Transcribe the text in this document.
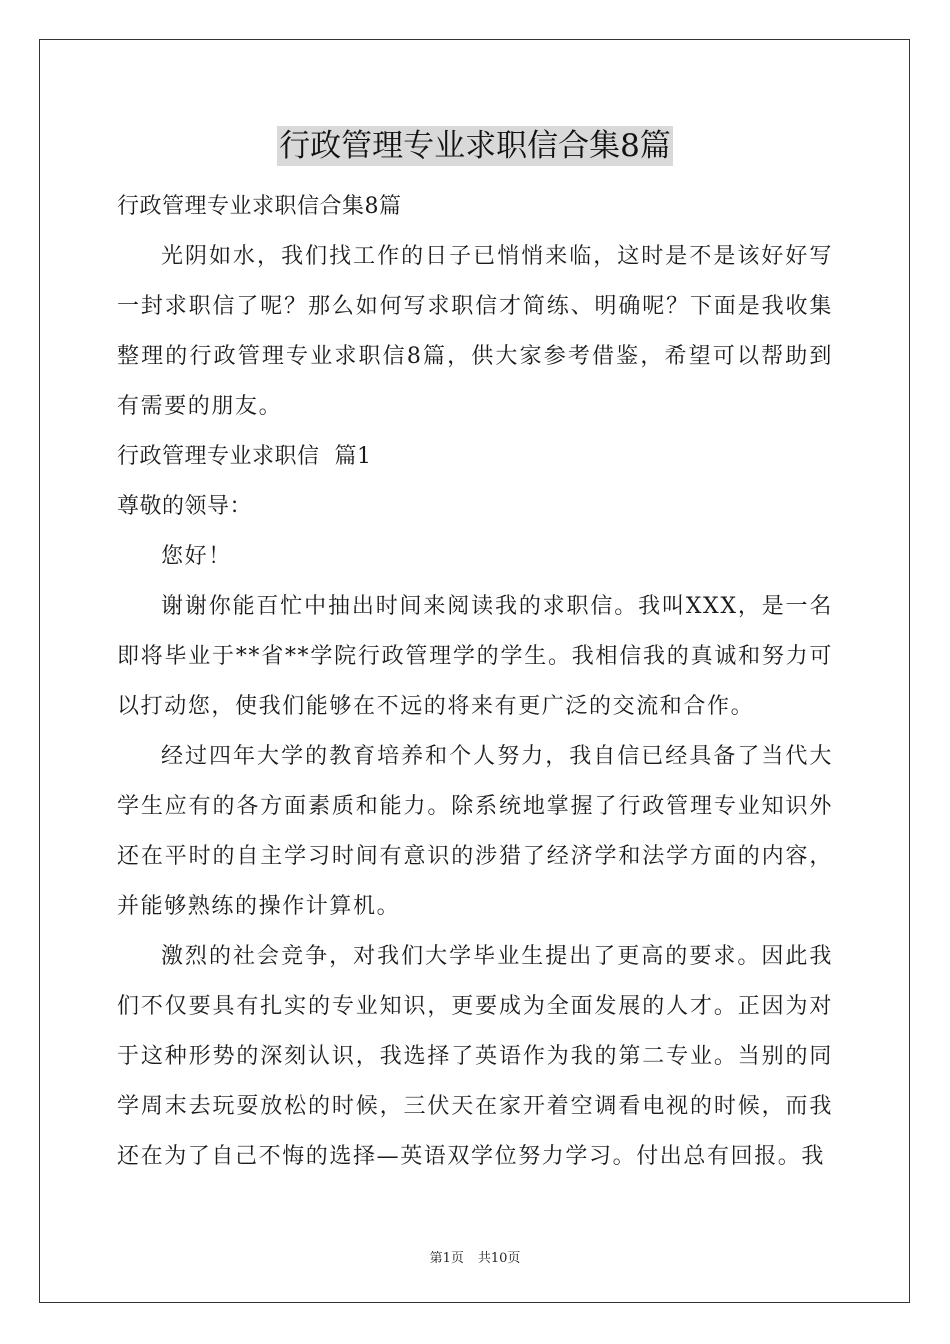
行政管理专业求职信合集8篇
行政管理专业求职信合集8篇

光阴如水，我们找工作的日子已悄悄来临，这时是不是该好好写一封求职信了呢？那么如何写求职信才简练、明确呢？下面是我收集整理的行政管理专业求职信8篇，供大家参考借鉴，希望可以帮助到有需要的朋友。

行政管理专业求职信  篇1
尊敬的领导：

您好！

谢谢你能百忙中抽出时间来阅读我的求职信。我叫XXX，是一名即将毕业于**省**学院行政管理学的学生。我相信我的真诚和努力可以打动您，使我们能够在不远的将来有更广泛的交流和合作。

经过四年大学的教育培养和个人努力，我自信已经具备了当代大学生应有的各方面素质和能力。除系统地掌握了行政管理专业知识外还在平时的自主学习时间有意识的涉猎了经济学和法学方面的内容，并能够熟练的操作计算机。

激烈的社会竞争，对我们大学毕业生提出了更高的要求。因此我们不仅要具有扎实的专业知识，更要成为全面发展的人才。正因为对于这种形势的深刻认识，我选择了英语作为我的第二专业。当别的同学周末去玩耍放松的时候，三伏天在家开着空调看电视的时候，而我还在为了自己不悔的选择—英语双学位努力学习。付出总有回报。我

第1页 共10页
